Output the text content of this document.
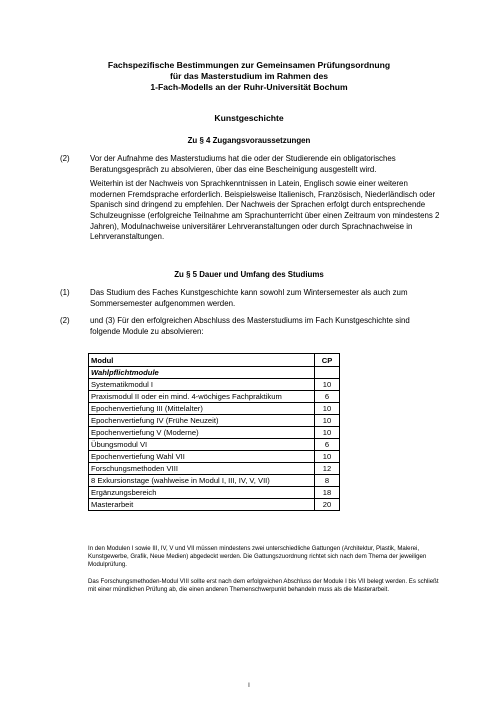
Fachspezifische Bestimmungen zur Gemeinsamen Prüfungsordnung
für das Masterstudium im Rahmen des
1-Fach-Modells an der Ruhr-Universität Bochum
Kunstgeschichte
Zu § 4 Zugangsvoraussetzungen
(2)	Vor der Aufnahme des Masterstudiums hat die oder der Studierende ein obligatorisches Beratungsgespräch zu absolvieren, über das eine Bescheinigung ausgestellt wird.

Weiterhin ist der Nachweis von Sprachkenntnissen in Latein, Englisch sowie einer weiteren modernen Fremdsprache erforderlich. Beispielsweise Italienisch, Französisch, Niederländisch oder Spanisch sind dringend zu empfehlen. Der Nachweis der Sprachen erfolgt durch entsprechende Schulzeugnisse (erfolgreiche Teilnahme am Sprachunterricht über einen Zeitraum von mindestens 2 Jahren), Modulnachweise universitärer Lehrveranstaltungen oder durch Sprachnachweise in Lehrveranstaltungen.

Zu § 5 Dauer und Umfang des Studiums
(1)	Das Studium des Faches Kunstgeschichte kann sowohl zum Wintersemester als auch zum Sommersemester aufgenommen werden.

(2)	und (3) Für den erfolgreichen Abschluss des Masterstudiums im Fach Kunstgeschichte sind folgende Module zu absolvieren:

Modul	CP
Wahlpflichtmodule	
Systematikmodul I	10
Praxismodul II oder ein mind. 4-wöchiges Fachpraktikum	6
Epochenvertiefung III (Mittelalter)	10
Epochenvertiefung IV (Frühe Neuzeit)	10
Epochenvertiefung V (Moderne)	10
Übungsmodul VI	6
Epochenvertiefung Wahl VII	10
Forschungsmethoden VIII	12
8 Exkursionstage (wahlweise in Modul I, III, IV, V, VII)	8
Ergänzungsbereich	18
Masterarbeit	20
In den Modulen I sowie III, IV, V und VII müssen mindestens zwei unterschiedliche Gattungen (Architektur, Plastik, Malerei, Kunstgewerbe, Grafik, Neue Medien) abgedeckt werden. Die Gattungszuordnung richtet sich nach dem Thema der jeweiligen Modulprüfung.
Das Forschungsmethoden-Modul VIII sollte erst nach dem erfolgreichen Abschluss der Module I bis VII belegt werden. Es schließt mit einer mündlichen Prüfung ab, die einen anderen Themenschwerpunkt behandeln muss als die Masterarbeit.
I
